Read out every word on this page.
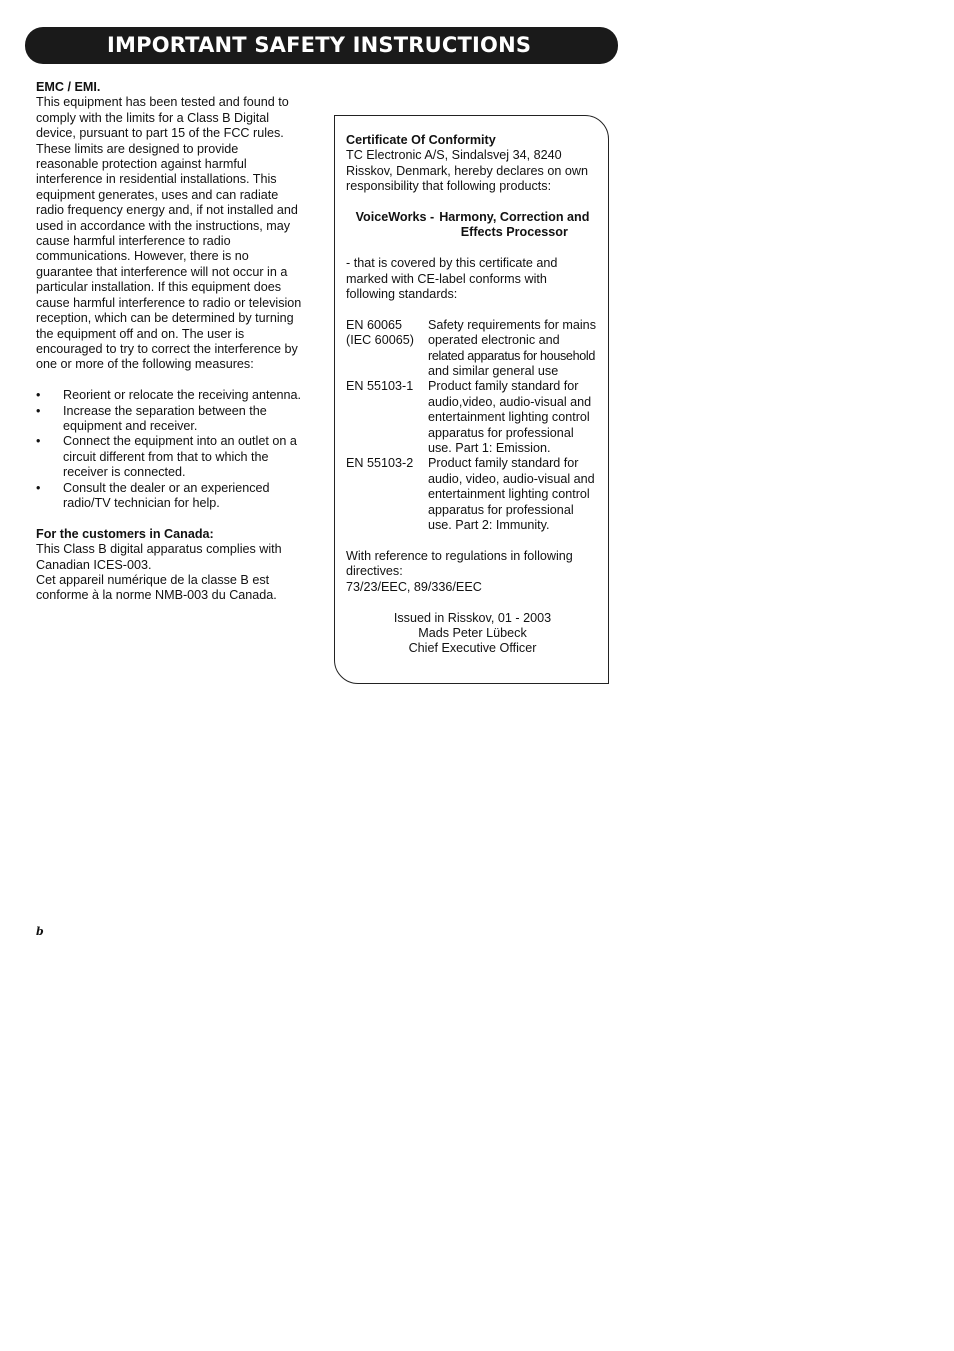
IMPORTANT SAFETY INSTRUCTIONS
EMC / EMI.
This equipment has been tested and found to
comply with the limits for a Class B Digital
device, pursuant to part 15 of the FCC rules.
These limits are designed to provide
reasonable protection against harmful
interference in residential installations. This
equipment generates, uses and can radiate
radio frequency energy and, if not installed and
used in accordance with the instructions, may
cause harmful interference to radio
communications. However, there is no
guarantee that interference will not occur in a
particular installation. If this equipment does
cause harmful interference to radio or television
reception, which can be determined by turning
the equipment off and on. The user is
encouraged to try to correct the interference by
one or more of the following measures:
• Reorient or relocate the receiving antenna.
• Increase the separation between the
equipment and receiver.
• Connect the equipment into an outlet on a
circuit different from that to which the
receiver is connected.
• Consult the dealer or an experienced
radio/TV technician for help.
For the customers in Canada:
This Class B digital apparatus complies with
Canadian ICES-003.
Cet appareil numérique de la classe B est
conforme à la norme NMB-003 du Canada.
Certificate Of Conformity
TC Electronic A/S, Sindalsvej 34, 8240
Risskov, Denmark, hereby declares on own
responsibility that following products:
VoiceWorks - Harmony, Correction and
Effects Processor
- that is covered by this certificate and
marked with CE-label conforms with
following standards:
EN 60065
(IEC 60065)
Safety requirements for mains
operated electronic and
related apparatus for household
and similar general use
EN 55103-1	Product family standard for
audio,video, audio-visual and
entertainment lighting control
apparatus for professional
use. Part 1: Emission.
EN 55103-2	Product family standard for
audio, video, audio-visual and
entertainment lighting control
apparatus for professional
use. Part 2: Immunity.
With reference to regulations in following
directives:
73/23/EEC, 89/336/EEC
Issued in Risskov, 01 - 2003
Mads Peter Lübeck
Chief Executive Officer
b
